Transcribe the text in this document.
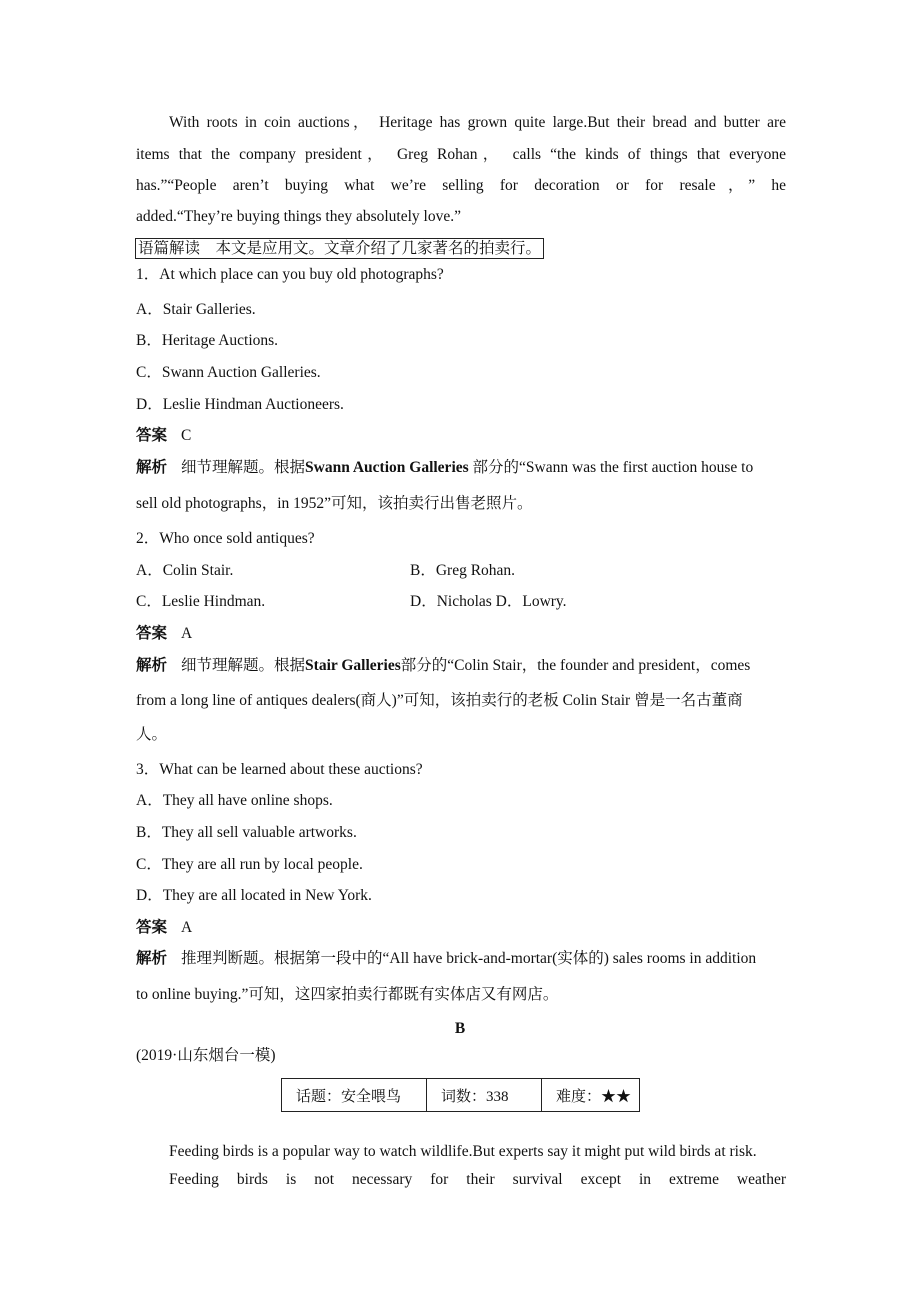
With roots in coin auctions， Heritage has grown quite large.But their bread and butter are
items that the company president， Greg Rohan， calls “the kinds of things that everyone
has.”“People aren’t buying what we’re selling for decoration or for resale，” he
added.“They’re buying things they absolutely love.”
语篇解读　本文是应用文。文章介绍了几家著名的拍卖行。
1．At which place can you buy old photographs?
A．Stair Galleries.
B．Heritage Auctions.
C．Swann Auction Galleries.
D．Leslie Hindman Auctioneers.
答案 C
解析 细节理解题。根据Swann Auction Galleries 部分的“Swann was the first auction house to
sell old photographs，in 1952”可知，该拍卖行出售老照片。
2．Who once sold antiques?
A．Colin Stair.	B．Greg Rohan.
C．Leslie Hindman.	D．Nicholas D．Lowry.
答案 A
解析 细节理解题。根据Stair Galleries部分的“Colin Stair，the founder and president，comes
from a long line of antiques dealers(商人)”可知，该拍卖行的老板 Colin Stair 曾是一名古董商
人。
3．What can be learned about these auctions?
A．They all have online shops.
B．They all sell valuable artworks.
C．They are all run by local people.
D．They are all located in New York.
答案 A
解析 推理判断题。根据第一段中的“All have brick-and-mortar(实体的) sales rooms in addition
to online buying.”可知，这四家拍卖行都既有实体店又有网店。
B
(2019·山东烟台一模)
话题：安全喂鸟	词数：338	难度：★★
Feeding birds is a popular way to watch wildlife.But experts say it might put wild birds at risk.
Feeding birds is not necessary for their survival except in extreme weather
